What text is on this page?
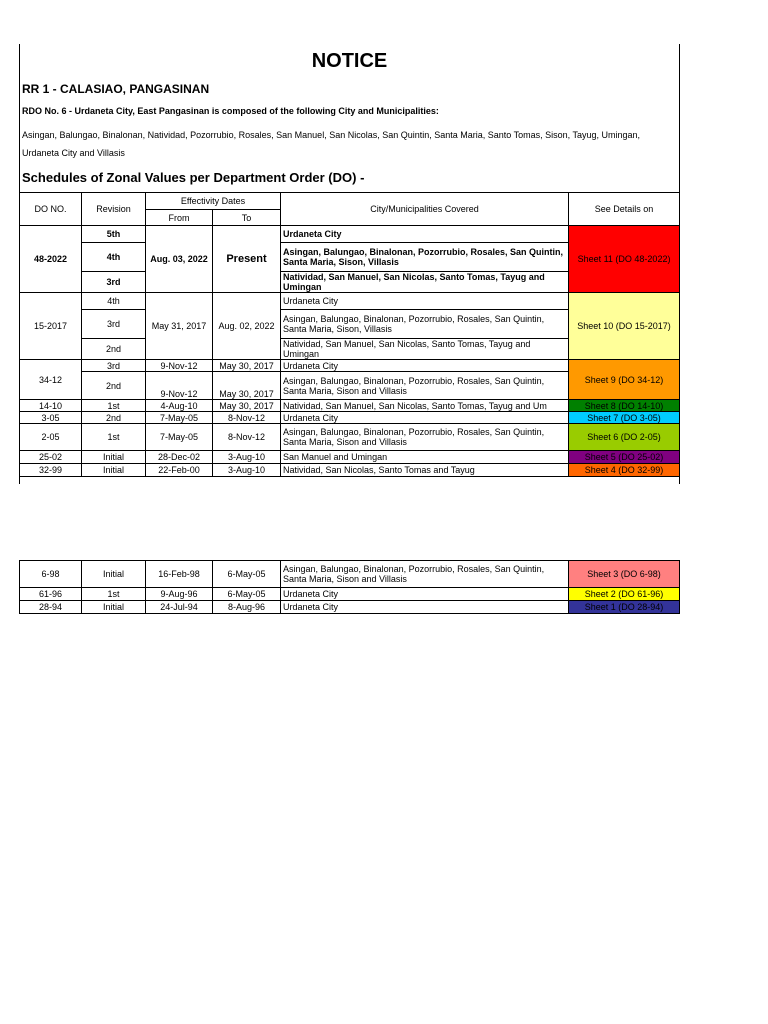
NOTICE
RR 1 - CALASIAO, PANGASINAN
RDO No. 6 - Urdaneta City, East Pangasinan is composed of the following City and Municipalities:
Asingan, Balungao, Binalonan, Natividad, Pozorrubio, Rosales, San Manuel, San Nicolas, San Quintin, Santa Maria, Santo Tomas, Sison, Tayug, Umingan,
Urdaneta City and Villasis
Schedules of Zonal Values per Department Order (DO) -
DO NO.	Revision	Effectivity Dates		City/Municipalities Covered	See Details on
		From	To		
48-2022	5th	Aug. 03, 2022	Present	Urdaneta City	Sheet 11 (DO 48-2022)
	4th			Asingan, Balungao, Binalonan, Pozorrubio, Rosales, San Quintin,
Santa Maria, Sison, Villasis	

	3rd			Natividad, San Manuel, San Nicolas, Santo Tomas, Tayug and Umingan	
15-2017	4th	May 31, 2017	Aug. 02, 2022	Urdaneta City	Sheet 10 (DO 15-2017)
	3rd			Asingan, Balungao, Binalonan, Pozorrubio, Rosales, San Quintin,
Santa Maria, Sison, Villasis	

	2nd			Natividad, San Manuel, San Nicolas, Santo Tomas, Tayug and Umingan	
34-12	3rd	9-Nov-12	May 30, 2017	Urdaneta City	Sheet 9 (DO 34-12)
	2nd	9-Nov-12	May 30, 2017	Asingan, Balungao, Binalonan, Pozorrubio, Rosales, San Quintin,
Santa Maria, Sison and Villasis	

14-10	1st	4-Aug-10	May 30, 2017	Natividad, San Manuel, San Nicolas, Santo Tomas, Tayug and Um	Sheet 8 (DO 14-10)
3-05	2nd	7-May-05	8-Nov-12	Urdaneta City	Sheet 7 (DO 3-05)
2-05	1st	7-May-05	8-Nov-12	Asingan, Balungao, Binalonan, Pozorrubio, Rosales, San Quintin,
Santa Maria, Sison and Villasis	Sheet 6 (DO 2-05)
25-02	Initial	28-Dec-02	3-Aug-10	San Manuel and Umingan	Sheet 5 (DO 25-02)
32-99	Initial	22-Feb-00	3-Aug-10	Natividad, San Nicolas, Santo Tomas and Tayug	Sheet 4 (DO 32-99)
6-98	Initial	16-Feb-98	6-May-05	Asingan, Balungao, Binalonan, Pozorrubio, Rosales, San Quintin,
Santa Maria, Sison and Villasis	Sheet 3 (DO 6-98)
61-96	1st	9-Aug-96	6-May-05	Urdaneta City	Sheet 2 (DO 61-96)
28-94	Initial	24-Jul-94	8-Aug-96	Urdaneta City	Sheet 1 (DO 28-94)
